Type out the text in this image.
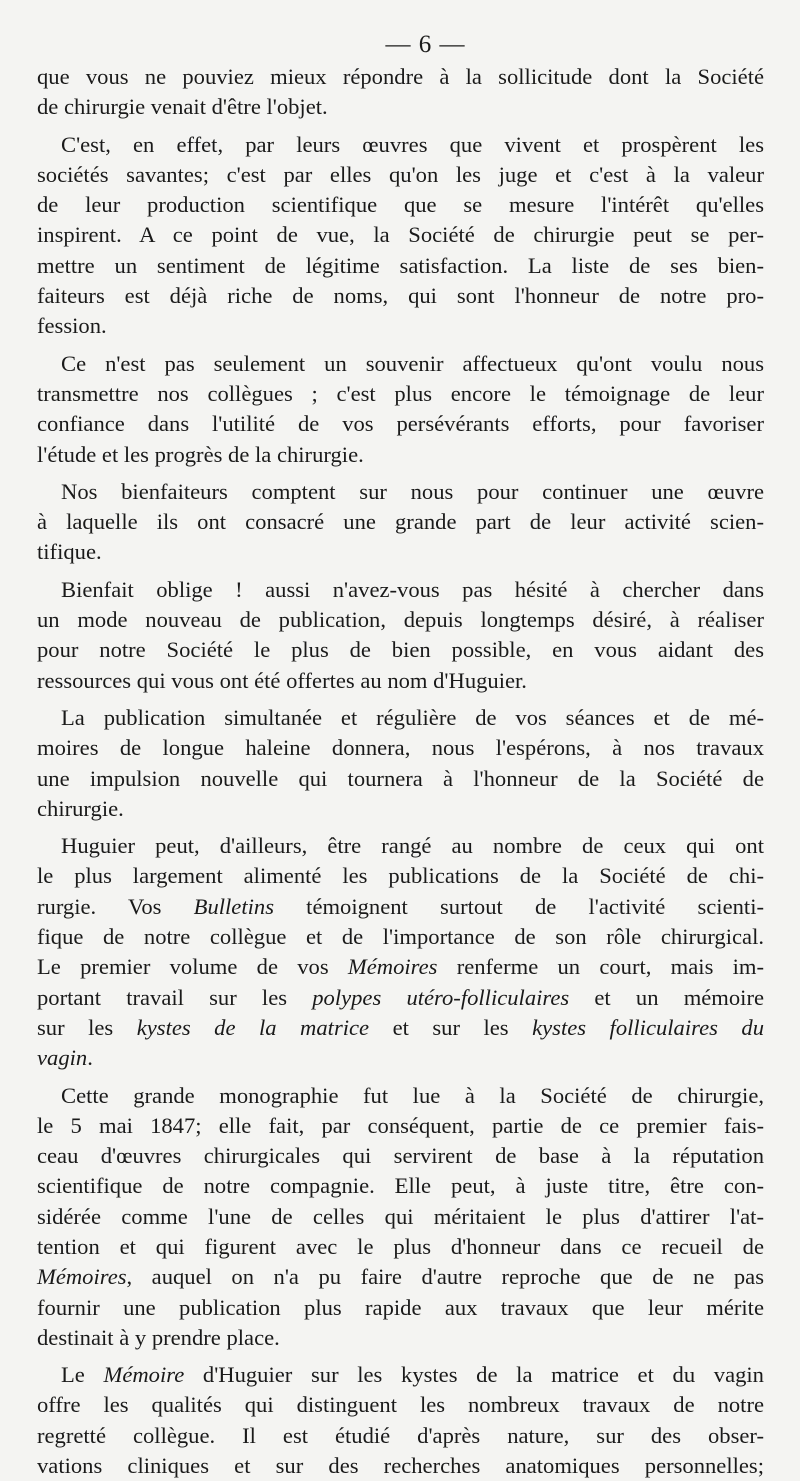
— 6 —

que vous ne pouviez mieux répondre à la sollicitude dont la Société

de chirurgie venait d'être l'objet.

C'est, en effet, par leurs œuvres que vivent et prospèrent les

sociétés savantes; c'est par elles qu'on les juge et c'est à la valeur

de leur production scientifique que se mesure l'intérêt qu'elles

inspirent. A ce point de vue, la Société de chirurgie peut se per-

mettre un sentiment de légitime satisfaction. La liste de ses bien-

faiteurs est déjà riche de noms, qui sont l'honneur de notre pro-

fession.

Ce n'est pas seulement un souvenir affectueux qu'ont voulu nous

transmettre nos collègues ; c'est plus encore le témoignage de leur

confiance dans l'utilité de vos persévérants efforts, pour favoriser

l'étude et les progrès de la chirurgie.

Nos bienfaiteurs comptent sur nous pour continuer une œuvre

à laquelle ils ont consacré une grande part de leur activité scien-

tifique.

Bienfait oblige ! aussi n'avez-vous pas hésité à chercher dans

un mode nouveau de publication, depuis longtemps désiré, à réaliser

pour notre Société le plus de bien possible, en vous aidant des

ressources qui vous ont été offertes au nom d'Huguier.

La publication simultanée et régulière de vos séances et de mé-

moires de longue haleine donnera, nous l'espérons, à nos travaux

une impulsion nouvelle qui tournera à l'honneur de la Société de

chirurgie.

Huguier peut, d'ailleurs, être rangé au nombre de ceux qui ont

le plus largement alimenté les publications de la Société de chi-

rurgie. Vos Bulletins témoignent surtout de l'activité scienti-

fique de notre collègue et de l'importance de son rôle chirurgical.

Le premier volume de vos Mémoires renferme un court, mais im-

portant travail sur les polypes utéro-folliculaires et un mémoire

sur les kystes de la matrice et sur les kystes folliculaires du

vagin.

Cette grande monographie fut lue à la Société de chirurgie,

le 5 mai 1847; elle fait, par conséquent, partie de ce premier fais-

ceau d'œuvres chirurgicales qui servirent de base à la réputation

scientifique de notre compagnie. Elle peut, à juste titre, être con-

sidérée comme l'une de celles qui méritaient le plus d'attirer l'at-

tention et qui figurent avec le plus d'honneur dans ce recueil de

Mémoires, auquel on n'a pu faire d'autre reproche que de ne pas

fournir une publication plus rapide aux travaux que leur mérite

destinait à y prendre place.

Le Mémoire d'Huguier sur les kystes de la matrice et du vagin

offre les qualités qui distinguent les nombreux travaux de notre

regretté collègue. Il est étudié d'après nature, sur des obser-

vations cliniques et sur des recherches anatomiques personnelles;
